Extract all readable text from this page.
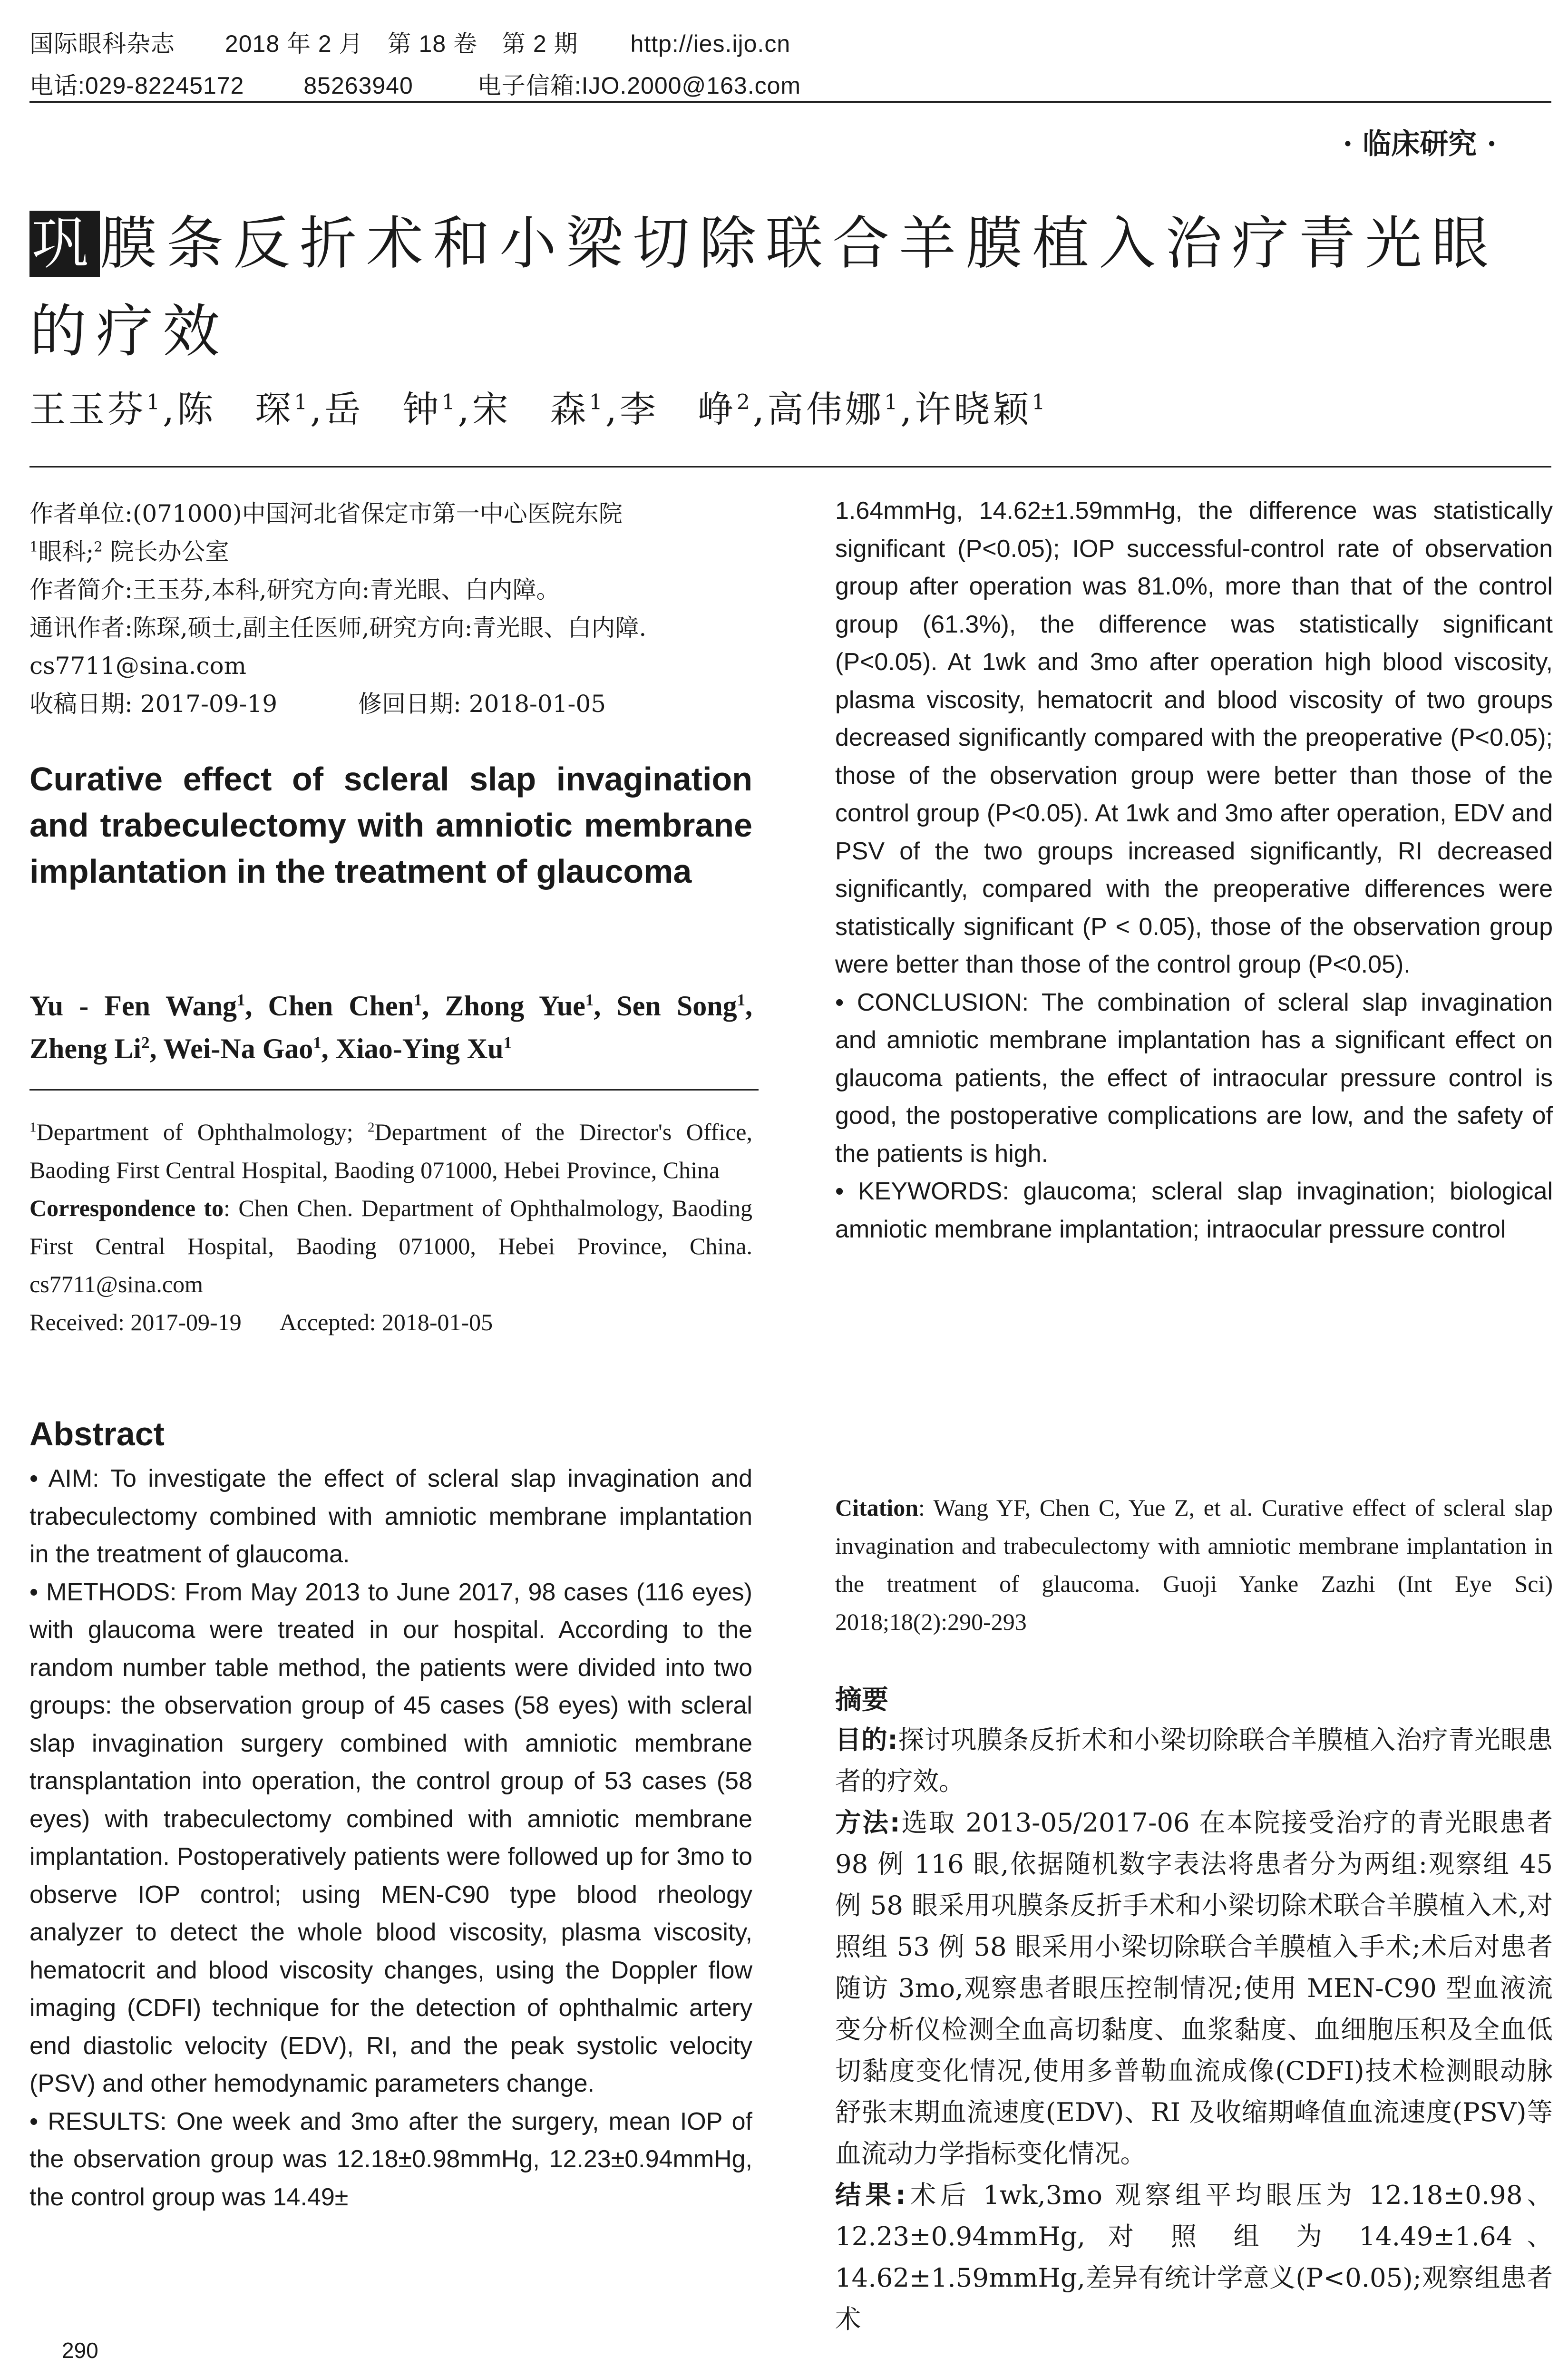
国际眼科杂志 2018 年 2 月　第 18 卷　第 2 期 http://ies.ijo.cn
电话:029-82245172 85263940	电子信箱:IJO.2000@163.com
· 临床研究 ·
巩膜条反折术和小梁切除联合羊膜植入治疗青光眼的疗效
王玉芬$^1$,陈　琛$^1$,岳　钟$^1$,宋　森$^1$,李　峥$^2$,高伟娜$^1$,许晓颖$^1$

作者单位:(071000)中国河北省保定市第一中心医院东院
$^1$眼科;$^2$ 院长办公室

作者简介:王玉芬,本科,研究方向:青光眼、白内障。

通讯作者:陈琛,硕士,副主任医师,研究方向:青光眼、白内障.

cs7711@sina.com

收稿日期: 2017-09-19	修回日期: 2018-01-05
Curative effect of scleral slap invagination and trabeculectomy with amniotic membrane implantation in the treatment of glaucoma
Yu - Fen Wang$^1$, Chen Chen$^1$, Zhong Yue$^1$, Sen Song$^1$, Zheng Li$^2$, Wei-Na Gao$^1$, Xiao-Ying Xu$^1$

$^1$Department of Ophthalmology; $^2$Department of the Director's Office, Baoding First Central Hospital, Baoding 071000, Hebei Province, China

Correspondence to: Chen Chen. Department of Ophthalmology, Baoding First Central Hospital, Baoding 071000, Hebei Province, China. cs7711@sina.com

Received: 2017-09-19 Accepted: 2018-01-05
Abstract

• AIM: To investigate the effect of scleral slap invagination and trabeculectomy combined with amniotic membrane implantation in the treatment of glaucoma.

• METHODS: From May 2013 to June 2017, 98 cases (116 eyes) with glaucoma were treated in our hospital. According to the random number table method, the patients were divided into two groups: the observation group of 45 cases (58 eyes) with scleral slap invagination surgery combined with amniotic membrane transplantation into operation, the control group of 53 cases (58 eyes) with trabeculectomy combined with amniotic membrane implantation. Postoperatively patients were followed up for 3mo to observe IOP control; using MEN-C90 type blood rheology analyzer to detect the whole blood viscosity, plasma viscosity, hematocrit and blood viscosity changes, using the Doppler flow imaging (CDFI) technique for the detection of ophthalmic artery end diastolic velocity (EDV), RI, and the peak systolic velocity (PSV) and other hemodynamic parameters change.

• RESULTS: One week and 3mo after the surgery, mean IOP of the observation group was 12.18±0.98mmHg, 12.23±0.94mmHg, the control group was 14.49±

1.64mmHg, 14.62±1.59mmHg, the difference was statistically significant (P<0.05); IOP successful-control rate of observation group after operation was 81.0%, more than that of the control group (61.3%), the difference was statistically significant (P<0.05). At 1wk and 3mo after operation high blood viscosity, plasma viscosity, hematocrit and blood viscosity of two groups decreased significantly compared with the preoperative (P<0.05); those of the observation group were better than those of the control group (P<0.05). At 1wk and 3mo after operation, EDV and PSV of the two groups increased significantly, RI decreased significantly, compared with the preoperative differences were statistically significant (P < 0.05), those of the observation group were better than those of the control group (P<0.05).

• CONCLUSION: The combination of scleral slap invagination and amniotic membrane implantation has a significant effect on glaucoma patients, the effect of intraocular pressure control is good, the postoperative complications are low, and the safety of the patients is high.

• KEYWORDS: glaucoma; scleral slap invagination; biological amniotic membrane implantation; intraocular pressure control

Citation: Wang YF, Chen C, Yue Z, et al. Curative effect of scleral slap invagination and trabeculectomy with amniotic membrane implantation in the treatment of glaucoma. Guoji Yanke Zazhi (Int Eye Sci) 2018;18(2):290-293
摘要

目的:探讨巩膜条反折术和小梁切除联合羊膜植入治疗青光眼患者的疗效。

方法:选取 2013-05/2017-06 在本院接受治疗的青光眼患者 98 例 116 眼,依据随机数字表法将患者分为两组:观察组 45 例 58 眼采用巩膜条反折手术和小梁切除术联合羊膜植入术,对照组 53 例 58 眼采用小梁切除联合羊膜植入手术;术后对患者随访 3mo,观察患者眼压控制情况;使用 MEN-C90 型血液流变分析仪检测全血高切黏度、血浆黏度、血细胞压积及全血低切黏度变化情况,使用多普勒血流成像(CDFI)技术检测眼动脉舒张末期血流速度(EDV)、RI 及收缩期峰值血流速度(PSV)等血流动力学指标变化情况。

结果:术后 1wk,3mo 观察组平均眼压为 12.18±0.98、12.23±0.94mmHg, 对 照 组 为 14.49±1.64、14.62±1.59mmHg,差异有统计学意义(P<0.05);观察组患者术

290
